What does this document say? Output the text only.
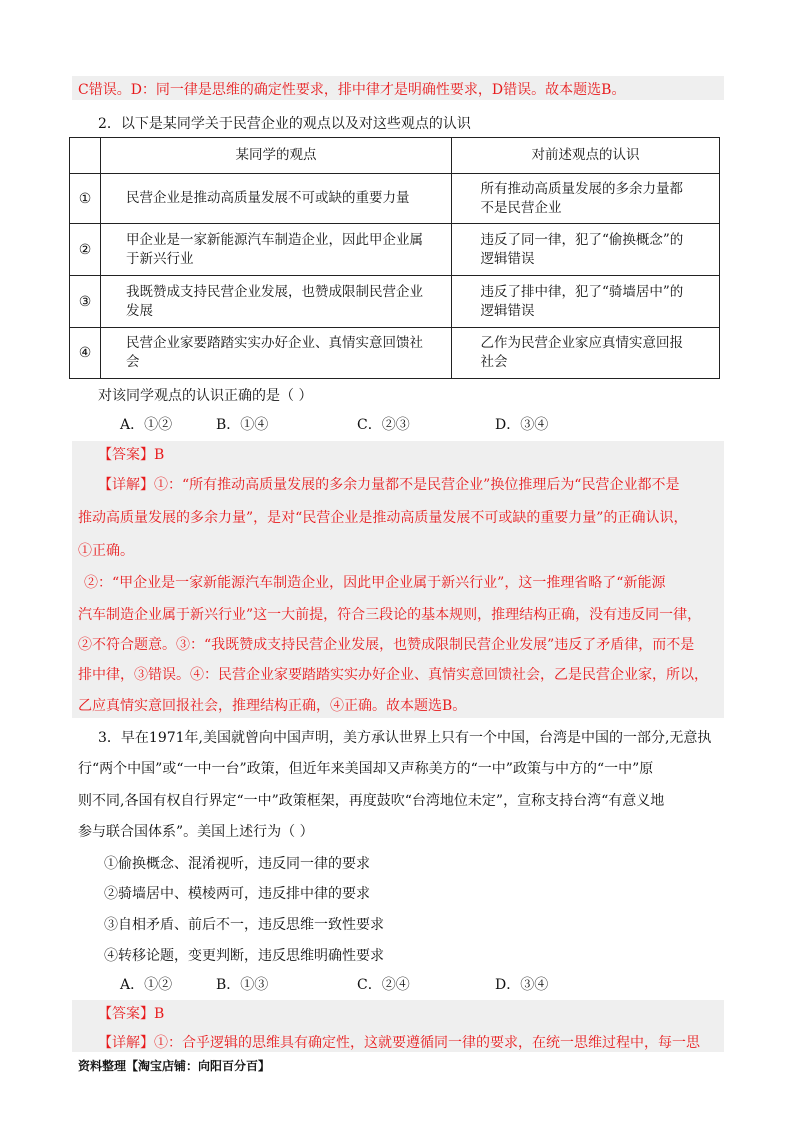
C错误。D：同一律是思维的确定性要求，排中律才是明确性要求，D错误。故本题选B。
2．以下是某同学关于民营企业的观点以及对这些观点的认识
	某同学的观点	对前述观点的认识
①	民营企业是推动高质量发展不可或缺的重要力量	所有推动高质量发展的多余力量都不是民营企业

②	甲企业是一家新能源汽车制造企业，因此甲企业属于新兴行业	违反了同一律，犯了“偷换概念”的逻辑错误

③	我既赞成支持民营企业发展，也赞成限制民营企业发展	违反了排中律，犯了“骑墙居中”的逻辑错误

④	民营企业家要踏踏实实办好企业、真情实意回馈社会	乙作为民营企业家应真情实意回报社会
对该同学观点的认识正确的是（ ）
A．①②	B．①④	C．②③	D．③④
【答案】B
【详解】①：“所有推动高质量发展的多余力量都不是民营企业”换位推理后为“民营企业都不是
推动高质量发展的多余力量”，是对“民营企业是推动高质量发展不可或缺的重要力量”的正确认识，
①正确。
②：“甲企业是一家新能源汽车制造企业，因此甲企业属于新兴行业”，这一推理省略了“新能源
汽车制造企业属于新兴行业”这一大前提，符合三段论的基本规则，推理结构正确，没有违反同一律，
②不符合题意。③：“我既赞成支持民营企业发展，也赞成限制民营企业发展”违反了矛盾律，而不是
排中律，③错误。④：民营企业家要踏踏实实办好企业、真情实意回馈社会，乙是民营企业家，所以，
乙应真情实意回报社会，推理结构正确，④正确。故本题选B。
3．早在1971年,美国就曾向中国声明，美方承认世界上只有一个中国，台湾是中国的一部分,无意执
行“两个中国”或“一中一台”政策，但近年来美国却又声称美方的“一中”政策与中方的“一中”原
则不同,各国有权自行界定“一中”政策框架，再度鼓吹“台湾地位未定”，宣称支持台湾“有意义地
参与联合国体系”。美国上述行为（ ）
①偷换概念、混淆视听，违反同一律的要求
②骑墙居中、模棱两可，违反排中律的要求
③自相矛盾、前后不一，违反思维一致性要求
④转移论题，变更判断，违反思维明确性要求
A．①②	B．①③	C．②④	D．③④
【答案】B
【详解】①：合乎逻辑的思维具有确定性，这就要遵循同一律的要求，在统一思维过程中，每一思
资料整理【淘宝店铺：向阳百分百】
